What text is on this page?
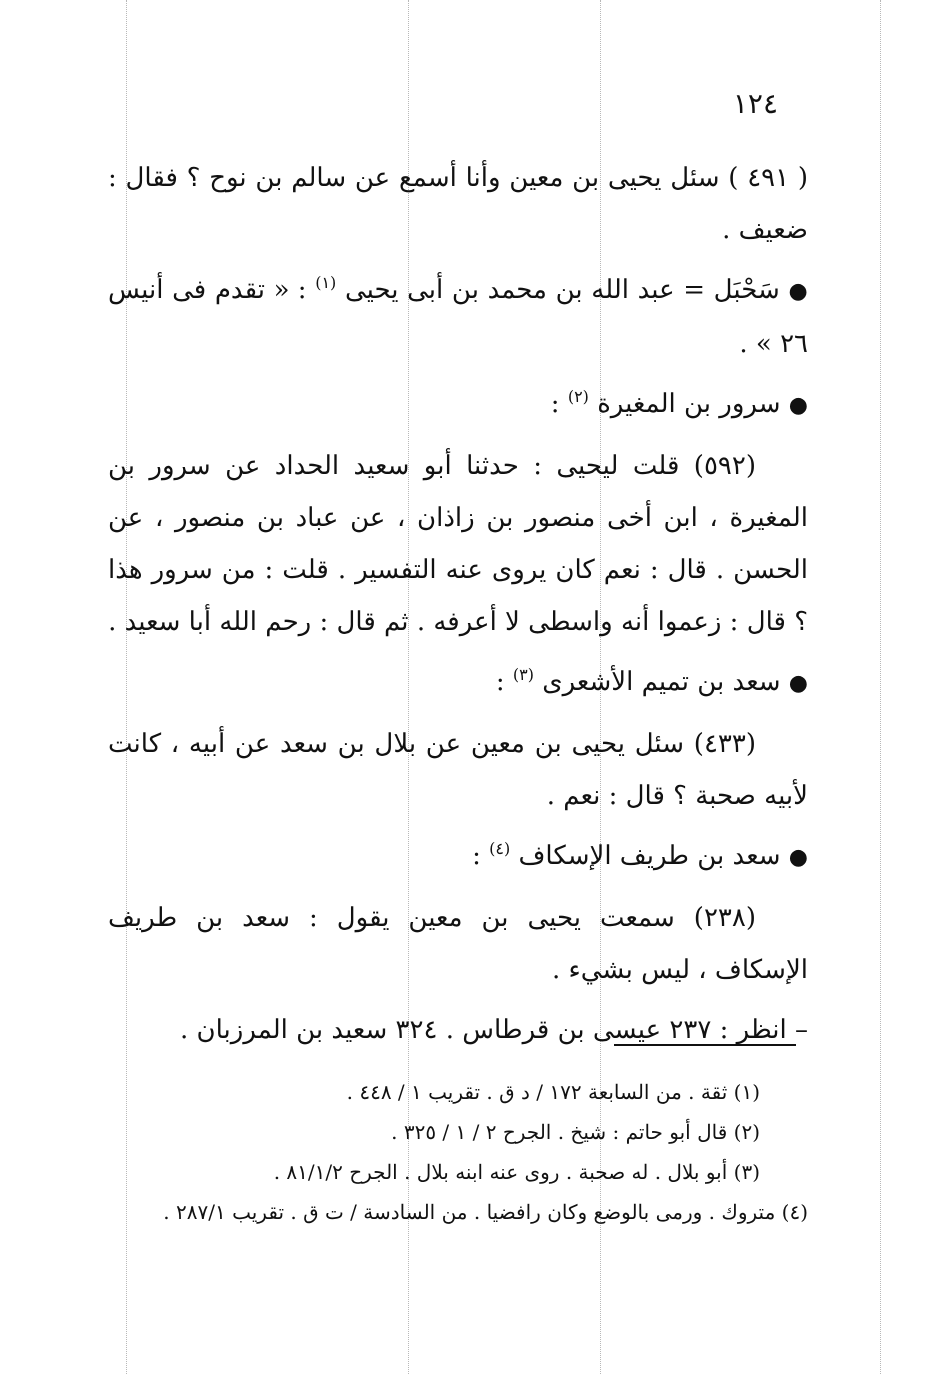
١٢٤

( ٤٩١ ) سئل يحيى بن معين وأنا أسمع عن سالم بن نوح ؟ فقال : ضعيف .

● سَحْبَل = عبد الله بن محمد بن أبى يحيى $^{(١)}$ : « تقدم فى أنيس ٢٦ » .

● سرور بن المغيرة $^{(٢)}$ :

(٥٩٢) قلت ليحيى : حدثنا أبو سعيد الحداد عن سرور بن المغيرة ، ابن أخى منصور بن زاذان ، عن عباد بن منصور ، عن الحسن . قال : نعم كان يروى عنه التفسير . قلت : من سرور هذا ؟ قال : زعموا أنه واسطى لا أعرفه . ثم قال : رحم الله أبا سعيد .

● سعد بن تميم الأشعرى $^{(٣)}$ :

(٤٣٣) سئل يحيى بن معين عن بلال بن سعد عن أبيه ، كانت لأبيه صحبة ؟ قال : نعم .

● سعد بن طريف الإسكاف $^{(٤)}$ :

(٢٣٨) سمعت يحيى بن معين يقول : سعد بن طريف الإسكاف ، ليس بشيء .

– انظر : ٢٣٧ عيسى بن قرطاس . ٣٢٤ سعيد بن المرزبان .

(١) ثقة . من السابعة ١٧٢ / د ق . تقريب ١ / ٤٤٨ .

(٢) قال أبو حاتم : شيخ . الجرح ٢ / ١ / ٣٢٥ .

(٣) أبو بلال . له صحبة . روى عنه ابنه بلال . الجرح ٨١/١/٢ .

(٤) متروك . ورمى بالوضع وكان رافضيا . من السادسة / ت ق . تقريب ٢٨٧/١ .
